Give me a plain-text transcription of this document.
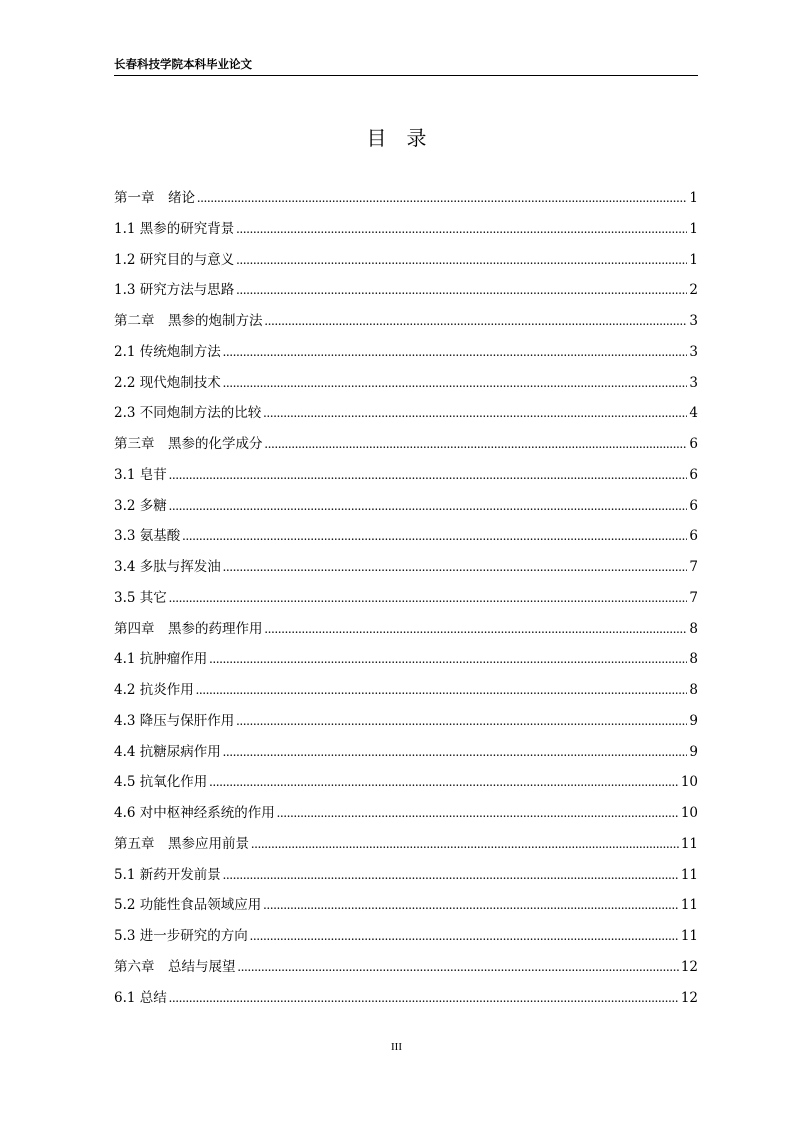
长春科技学院本科毕业论文
目录
第一章　绪论 .....	1
1.1 黑参的研究背景 .....	1
1.2 研究目的与意义 .....	1
1.3 研究方法与思路 .....	2
第二章　黑参的炮制方法 .....	3
2.1 传统炮制方法 .....	3
2.2 现代炮制技术 .....	3
2.3 不同炮制方法的比较 .....	4
第三章　黑参的化学成分 .....	6
3.1 皂苷 .....	6
3.2 多糖 .....	6
3.3 氨基酸 .....	6
3.4 多肽与挥发油 .....	7
3.5 其它 .....	7
第四章　黑参的药理作用 .....	8
4.1 抗肿瘤作用 .....	8
4.2 抗炎作用 .....	8
4.3 降压与保肝作用 .....	9
4.4 抗糖尿病作用 .....	9
4.5 抗氧化作用 .....	10
4.6 对中枢神经系统的作用 .....	10
第五章　黑参应用前景 .....	11
5.1 新药开发前景 .....	11
5.2 功能性食品领域应用 .....	11
5.3 进一步研究的方向 .....	11
第六章　总结与展望 .....	12
6.1 总结 .....	12
III
